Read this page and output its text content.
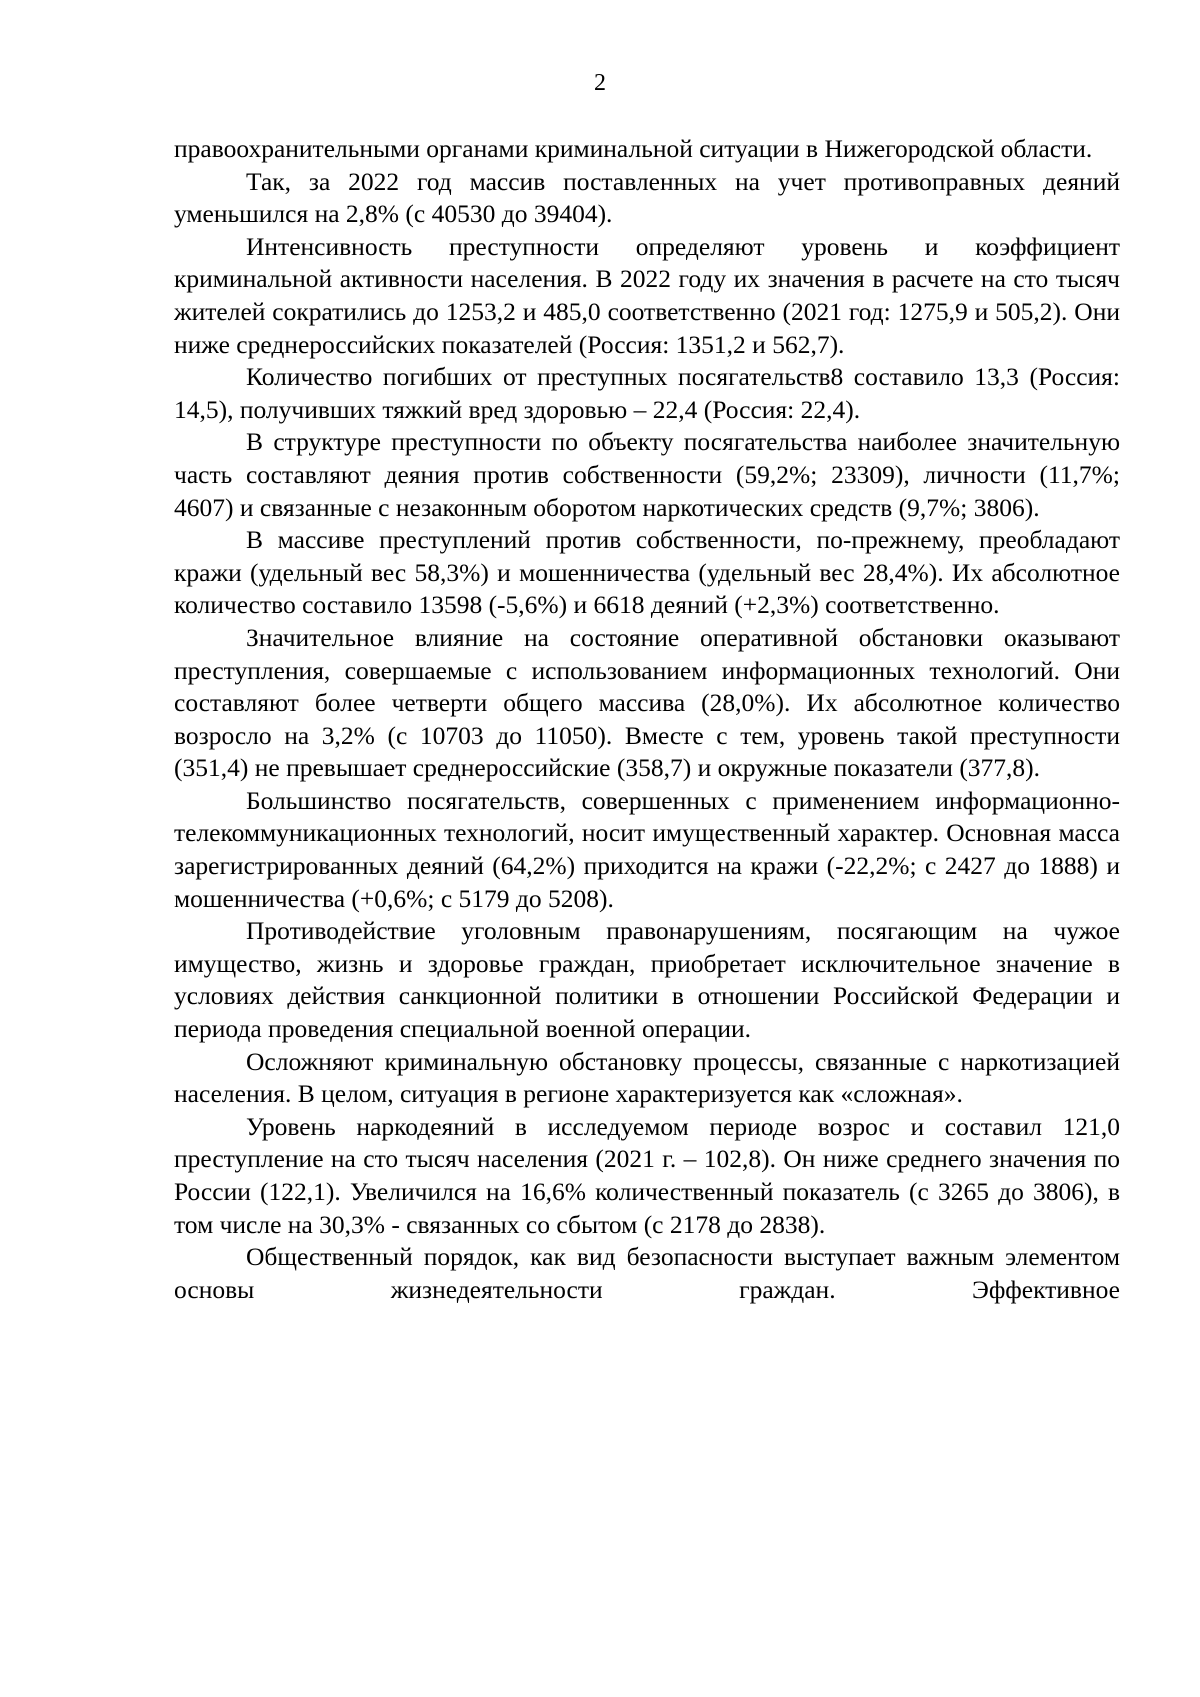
2

правоохранительными органами криминальной ситуации в Нижегородской области.

Так, за 2022 год массив поставленных на учет противоправных деяний уменьшился на 2,8% (с 40530 до 39404).

Интенсивность преступности определяют уровень и коэффициент криминальной активности населения. В 2022 году их значения в расчете на сто тысяч жителей сократились до 1253,2 и 485,0 соответственно (2021 год: 1275,9 и 505,2). Они ниже среднероссийских показателей (Россия: 1351,2 и 562,7).

Количество погибших от преступных посягательств8 составило 13,3 (Россия: 14,5), получивших тяжкий вред здоровью – 22,4 (Россия: 22,4).

В структуре преступности по объекту посягательства наиболее значительную часть составляют деяния против собственности (59,2%; 23309), личности (11,7%; 4607) и связанные с незаконным оборотом наркотических средств (9,7%; 3806).

В массиве преступлений против собственности, по-прежнему, преобладают кражи (удельный вес 58,3%) и мошенничества (удельный вес 28,4%). Их абсолютное количество составило 13598 (-5,6%) и 6618 деяний (+2,3%) соответственно.

Значительное влияние на состояние оперативной обстановки оказывают преступления, совершаемые с использованием информационных технологий. Они составляют более четверти общего массива (28,0%). Их абсолютное количество возросло на 3,2% (с 10703 до 11050). Вместе с тем, уровень такой преступности (351,4) не превышает среднероссийские (358,7) и окружные показатели (377,8).

Большинство посягательств, совершенных с применением информационно-телекоммуникационных технологий, носит имущественный характер. Основная масса зарегистрированных деяний (64,2%) приходится на кражи (-22,2%; с 2427 до 1888) и мошенничества (+0,6%; с 5179 до 5208).

Противодействие уголовным правонарушениям, посягающим на чужое имущество, жизнь и здоровье граждан, приобретает исключительное значение в условиях действия санкционной политики в отношении Российской Федерации и периода проведения специальной военной операции.

Осложняют криминальную обстановку процессы, связанные с наркотизацией населения. В целом, ситуация в регионе характеризуется как «сложная».

Уровень наркодеяний в исследуемом периоде возрос и составил 121,0 преступление на сто тысяч населения (2021 г. – 102,8). Он ниже среднего значения по России (122,1). Увеличился на 16,6% количественный показатель (с 3265 до 3806), в том числе на 30,3% - связанных со сбытом (с 2178 до 2838).

Общественный порядок, как вид безопасности выступает важным элементом основы жизнедеятельности граждан. Эффективное
